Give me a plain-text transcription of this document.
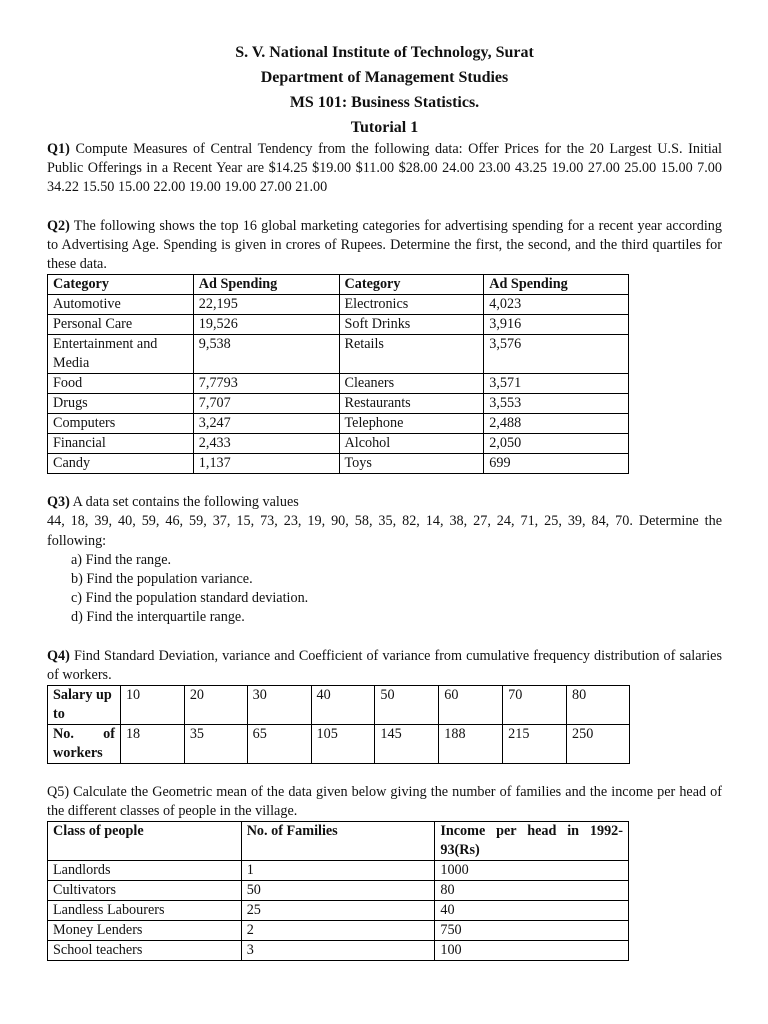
S. V. National Institute of Technology, Surat
Department of Management Studies
MS 101: Business Statistics.
Tutorial 1

Q1) Compute Measures of Central Tendency from the following data: Offer Prices for the 20 Largest U.S. Initial Public Offerings in a Recent Year are $14.25 $19.00 $11.00 $28.00 24.00 23.00 43.25 19.00 27.00 25.00 15.00 7.00 34.22 15.50 15.00 22.00 19.00 19.00 27.00 21.00

Q2) The following shows the top 16 global marketing categories for advertising spending for a recent year according to Advertising Age. Spending is given in crores of Rupees. Determine the first, the second, and the third quartiles for these data.

Category	Ad Spending	Category	Ad Spending
Automotive	22,195	Electronics	4,023
Personal Care	19,526	Soft Drinks	3,916
Entertainment and Media	9,538	Retails	3,576
Food	7,7793	Cleaners	3,571
Drugs	7,707	Restaurants	3,553
Computers	3,247	Telephone	2,488
Financial	2,433	Alcohol	2,050
Candy	1,137	Toys	699

Q3) A data set contains the following values

44, 18, 39, 40, 59, 46, 59, 37, 15, 73, 23, 19, 90, 58, 35, 82, 14, 38, 27, 24, 71, 25, 39, 84, 70. Determine the following:

a) Find the range.
b) Find the population variance.
c) Find the population standard deviation.
d) Find the interquartile range.

Q4) Find Standard Deviation, variance and Coefficient of variance from cumulative frequency distribution of salaries of workers.

Salary up to	10	20	30	40	50	60	70	80

No. of
workers	18	35	65	105	145	188	215	250

Q5) Calculate the Geometric mean of the data given below giving the number of families and the income per head of the different classes of people in the village.

Class of people	No. of Families	Income per head in 1992-93(Rs)
Landlords	1	1000
Cultivators	50	80
Landless Labourers	25	40
Money Lenders	2	750
School teachers	3	100
